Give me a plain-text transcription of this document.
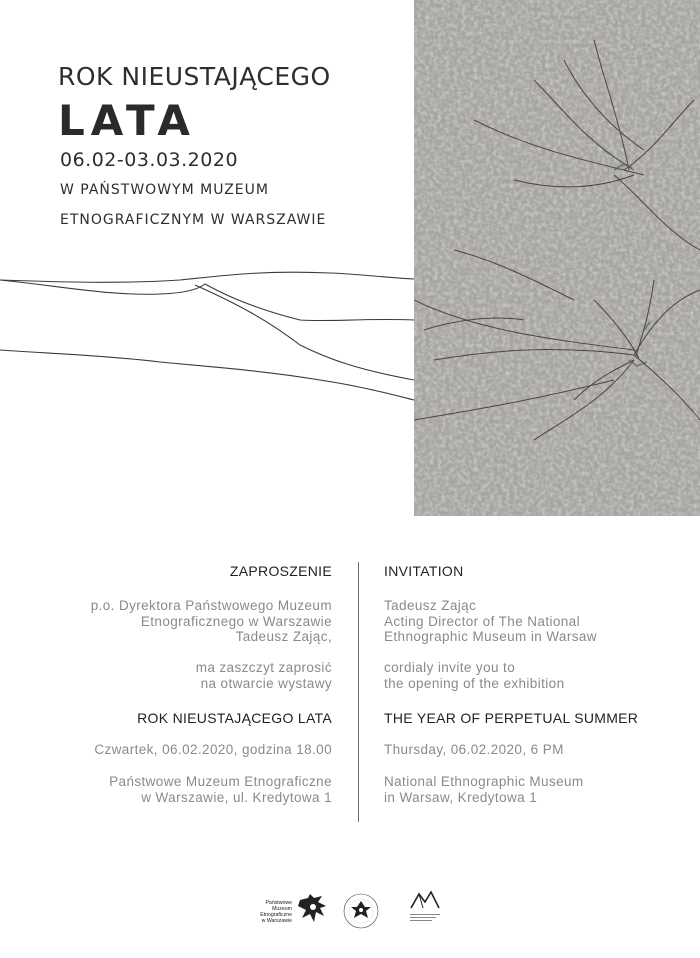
ROK NIEUSTAJĄCEGO
LATA
06.02-03.03.2020
W PAŃSTWOWYM MUZEUM
ETNOGRAFICZNYM W WARSZAWIE
ZAPROSZENIE
p.o. Dyrektora Państwowego Muzeum
Etnograficznego w Warszawie
Tadeusz Zając,
ma zaszczyt zaprosić
na otwarcie wystawy
ROK NIEUSTAJĄCEGO LATA
Czwartek, 06.02.2020, godzina 18.00
Państwowe Muzeum Etnograficzne
w Warszawie, ul. Kredytowa 1
INVITATION
Tadeusz Zając
Acting Director of The National
Ethnographic Museum in Warsaw
cordialy invite you to
the opening of the exhibition
THE YEAR OF PERPETUAL SUMMER
Thursday, 06.02.2020, 6 PM
National Ethnographic Museum
in Warsaw, Kredytowa 1
Państwowe
Muzeum
Etnograficzne
w Warszawie
